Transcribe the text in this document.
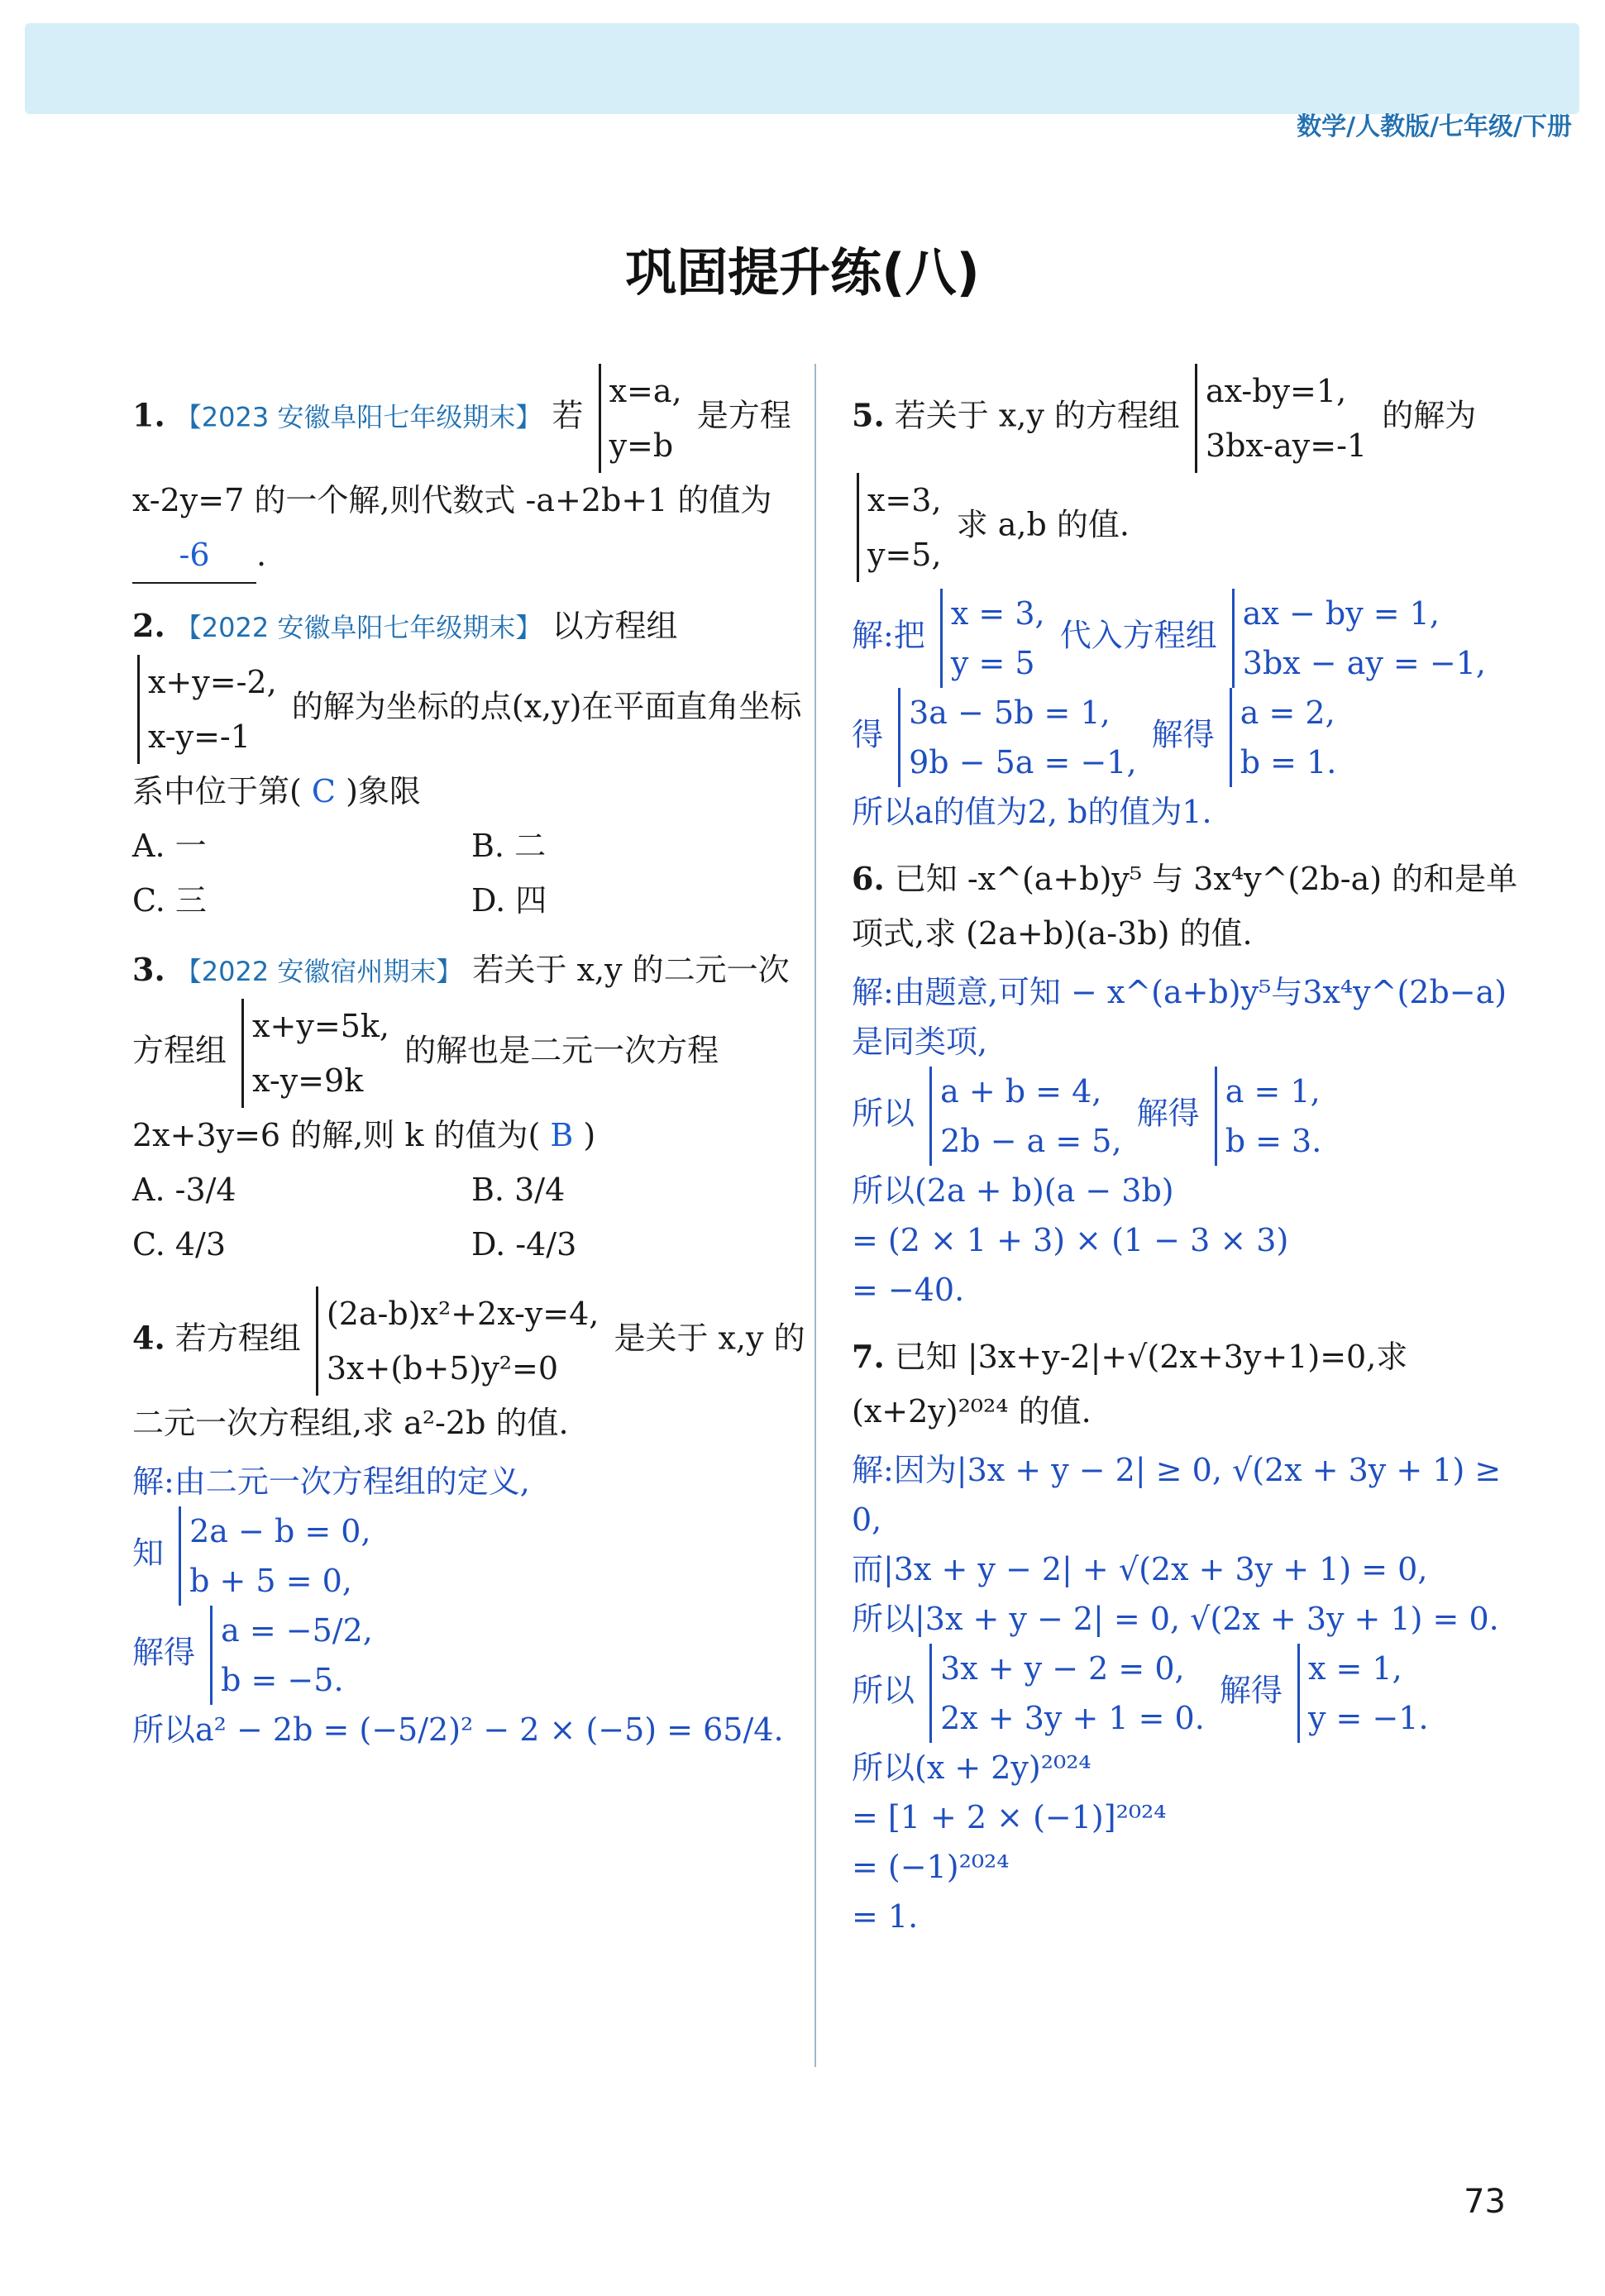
数学/人教版/七年级/下册
巩固提升练(八)
1. 【2023 安徽阜阳七年级期末】 若
x=a,
y=b
是方程 x-2y=7 的一个解,则代数式 -a+2b+1 的值为 -6 .
2. 【2022 安徽阜阳七年级期末】 以方程组
x+y=-2,
x-y=-1
的解为坐标的点(x,y)在平面直角坐标系中位于第( C )象限
A. 一	B. 二
C. 三	D. 四
3. 【2022 安徽宿州期末】 若关于 x,y 的二元一次方程组
x+y=5k,
x-y=9k
的解也是二元一次方程 2x+3y=6 的解,则 k 的值为( B )
A. -3/4	B. 3/4
C. 4/3	D. -4/3
4. 若方程组
(2a-b)x²+2x-y=4,
3x+(b+5)y²=0
是关于 x,y 的二元一次方程组,求 a²-2b 的值.
解:由二元一次方程组的定义,
知
2a − b = 0,
b + 5 = 0,
解得
a = −5/2,
b = −5.
所以a² − 2b = (−5/2)² − 2 × (−5) = 65/4.
5. 若关于 x,y 的方程组
ax-by=1,
3bx-ay=-1
的解为
x=3,
y=5,
求 a,b 的值.
解:把
x = 3,
y = 5
代入方程组
ax − by = 1,
3bx − ay = −1,
得
3a − 5b = 1,
9b − 5a = −1,
解得
a = 2,
b = 1.
所以a的值为2, b的值为1.
6. 已知 -x^(a+b)y⁵ 与 3x⁴y^(2b-a) 的和是单项式,求 (2a+b)(a-3b) 的值.
解:由题意,可知 − x^(a+b)y⁵与3x⁴y^(2b−a)是同类项,
所以
a + b = 4,
2b − a = 5,
解得
a = 1,
b = 3.
所以(2a + b)(a − 3b)
= (2 × 1 + 3) × (1 − 3 × 3)
= −40.
7. 已知 |3x+y-2|+√(2x+3y+1)=0,求 (x+2y)²⁰²⁴ 的值.
解:因为|3x + y − 2| ≥ 0, √(2x + 3y + 1) ≥ 0,
而|3x + y − 2| + √(2x + 3y + 1) = 0,
所以|3x + y − 2| = 0, √(2x + 3y + 1) = 0.
所以
3x + y − 2 = 0,
2x + 3y + 1 = 0.
解得
x = 1,
y = −1.
所以(x + 2y)²⁰²⁴
= [1 + 2 × (−1)]²⁰²⁴
= (−1)²⁰²⁴
= 1.
73
